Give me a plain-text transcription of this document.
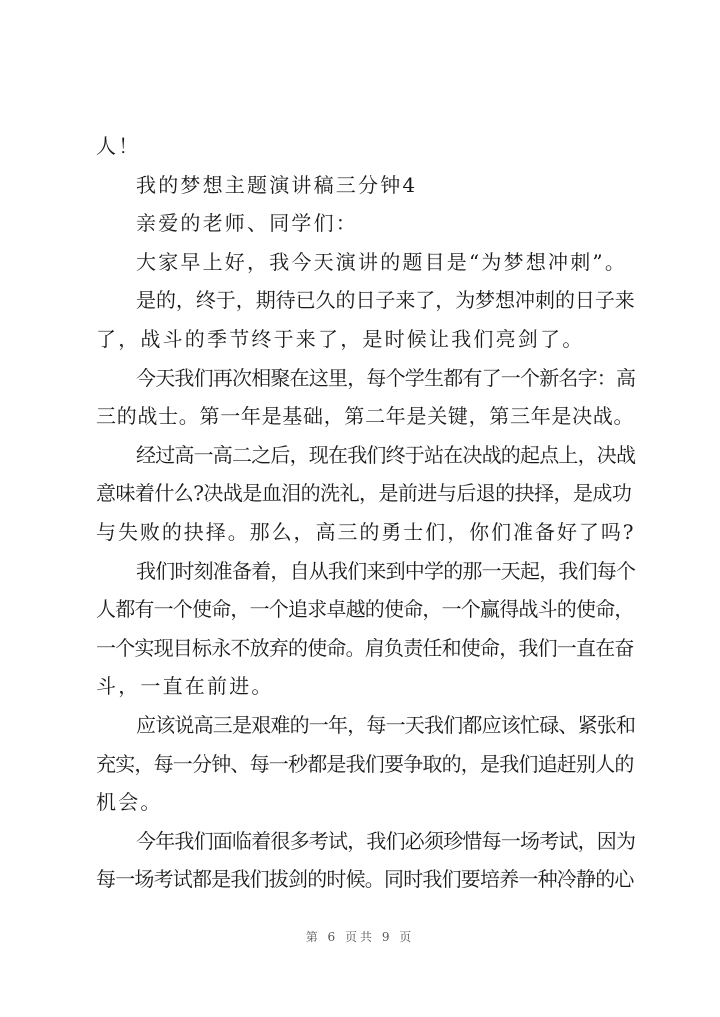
人！
我的梦想主题演讲稿三分钟4
亲爱的老师、同学们：
大家早上好，我今天演讲的题目是“为梦想冲刺”。
是的，终于，期待已久的日子来了，为梦想冲刺的日子来
了，战斗的季节终于来了，是时候让我们亮剑了。
今天我们再次相聚在这里，每个学生都有了一个新名字：高
三的战士。第一年是基础，第二年是关键，第三年是决战。
经过高一高二之后，现在我们终于站在决战的起点上，决战
意味着什么?决战是血泪的洗礼，是前进与后退的抉择，是成功
与失败的抉择。那么，高三的勇士们，你们准备好了吗?
我们时刻准备着，自从我们来到中学的那一天起，我们每个
人都有一个使命，一个追求卓越的使命，一个赢得战斗的使命，
一个实现目标永不放弃的使命。肩负责任和使命，我们一直在奋
斗，一直在前进。
应该说高三是艰难的一年，每一天我们都应该忙碌、紧张和
充实，每一分钟、每一秒都是我们要争取的，是我们追赶别人的
机会。
今年我们面临着很多考试，我们必须珍惜每一场考试，因为
每一场考试都是我们拔剑的时候。同时我们要培养一种冷静的心
第 6 页共 9 页
